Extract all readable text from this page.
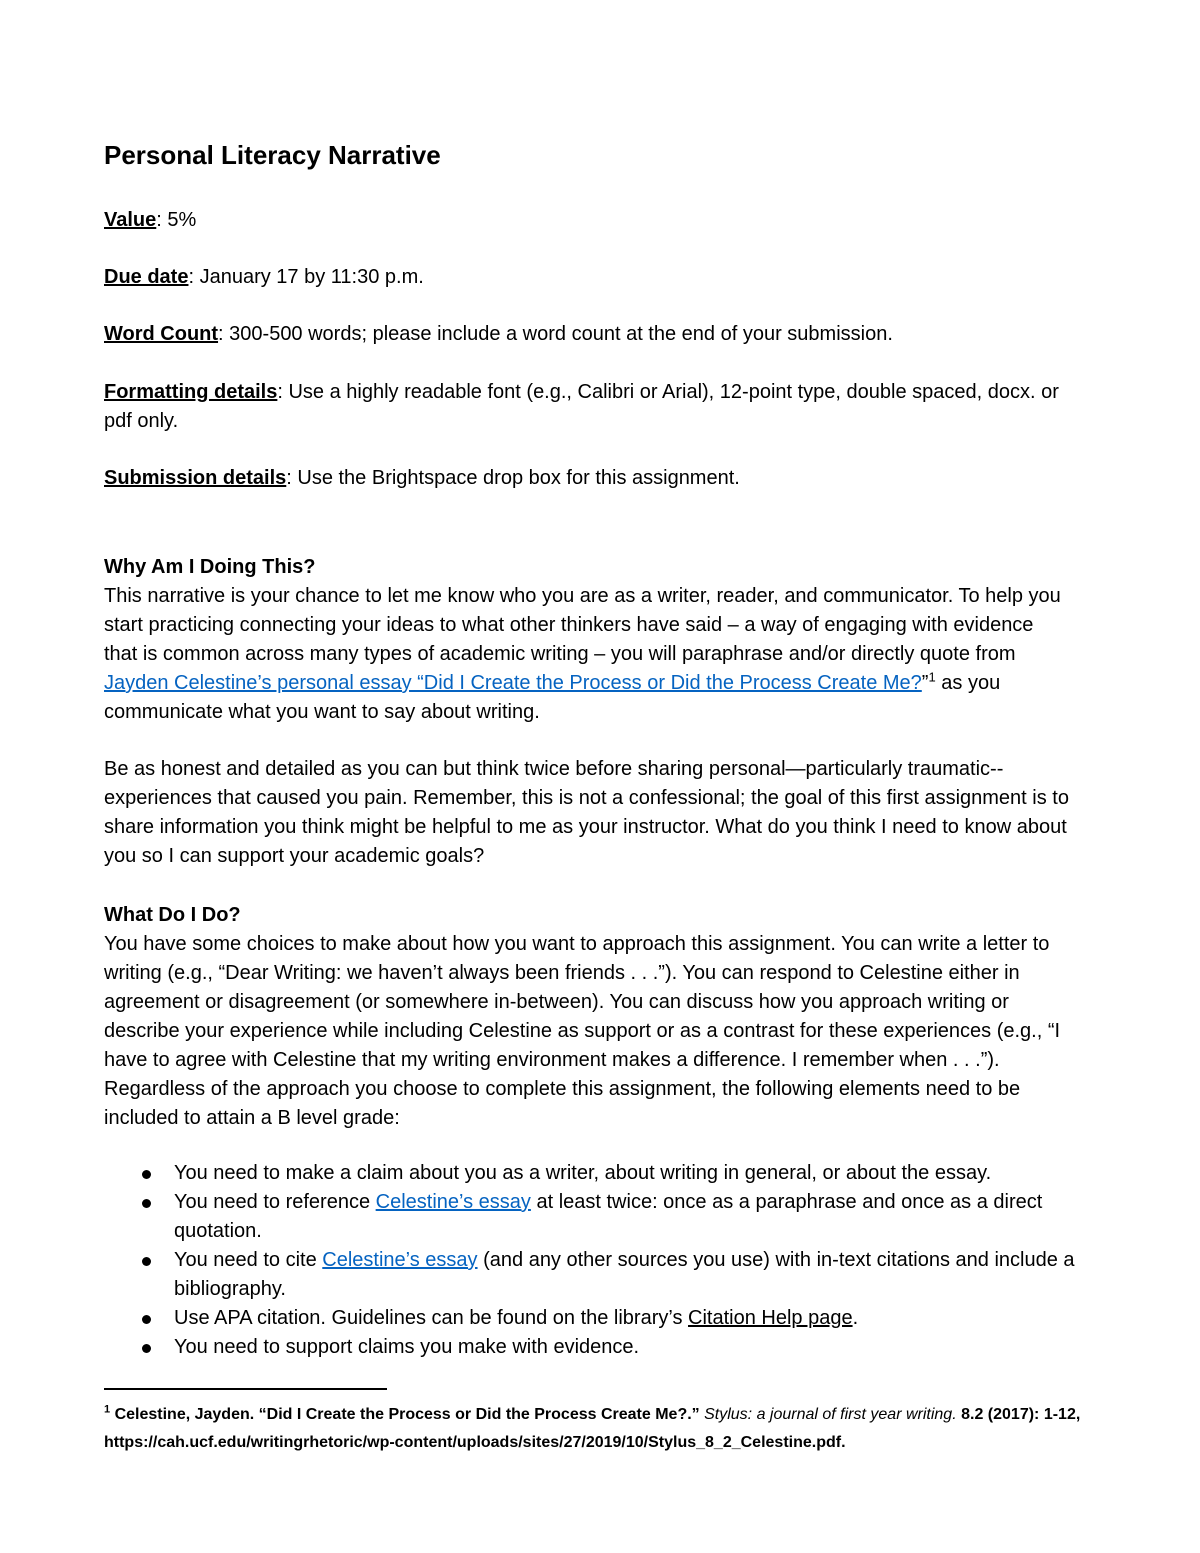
Personal Literacy Narrative
Value: 5%
Due date: January 17 by 11:30 p.m.
Word Count: 300-500 words; please include a word count at the end of your submission.
Formatting details: Use a highly readable font (e.g., Calibri or Arial), 12-point type, double spaced, docx. or pdf only.
Submission details: Use the Brightspace drop box for this assignment.
Why Am I Doing This?

This narrative is your chance to let me know who you are as a writer, reader, and communicator. To help you start practicing connecting your ideas to what other thinkers have said – a way of engaging with evidence that is common across many types of academic writing – you will paraphrase and/or directly quote from Jayden Celestine’s personal essay “Did I Create the Process or Did the Process Create Me?”$^1$ as you communicate what you want to say about writing.

Be as honest and detailed as you can but think twice before sharing personal—particularly traumatic--experiences that caused you pain. Remember, this is not a confessional; the goal of this first assignment is to share information you think might be helpful to me as your instructor. What do you think I need to know about you so I can support your academic goals?

What Do I Do?

You have some choices to make about how you want to approach this assignment. You can write a letter to writing (e.g., “Dear Writing: we haven’t always been friends . . .”). You can respond to Celestine either in agreement or disagreement (or somewhere in-between). You can discuss how you approach writing or describe your experience while including Celestine as support or as a contrast for these experiences (e.g., “I have to agree with Celestine that my writing environment makes a difference. I remember when . . .”). Regardless of the approach you choose to complete this assignment, the following elements need to be included to attain a B level grade:

You need to make a claim about you as a writer, about writing in general, or about the essay.
You need to reference Celestine’s essay at least twice: once as a paraphrase and once as a direct quotation.
You need to cite Celestine’s essay (and any other sources you use) with in-text citations and include a bibliography.
Use APA citation. Guidelines can be found on the library’s Citation Help page.
You need to support claims you make with evidence.
$^1$ Celestine, Jayden. “Did I Create the Process or Did the Process Create Me?.” Stylus: a journal of first year writing. 8.2 (2017): 1-12, https://cah.ucf.edu/writingrhetoric/wp-content/uploads/sites/27/2019/10/Stylus_8_2_Celestine.pdf.
